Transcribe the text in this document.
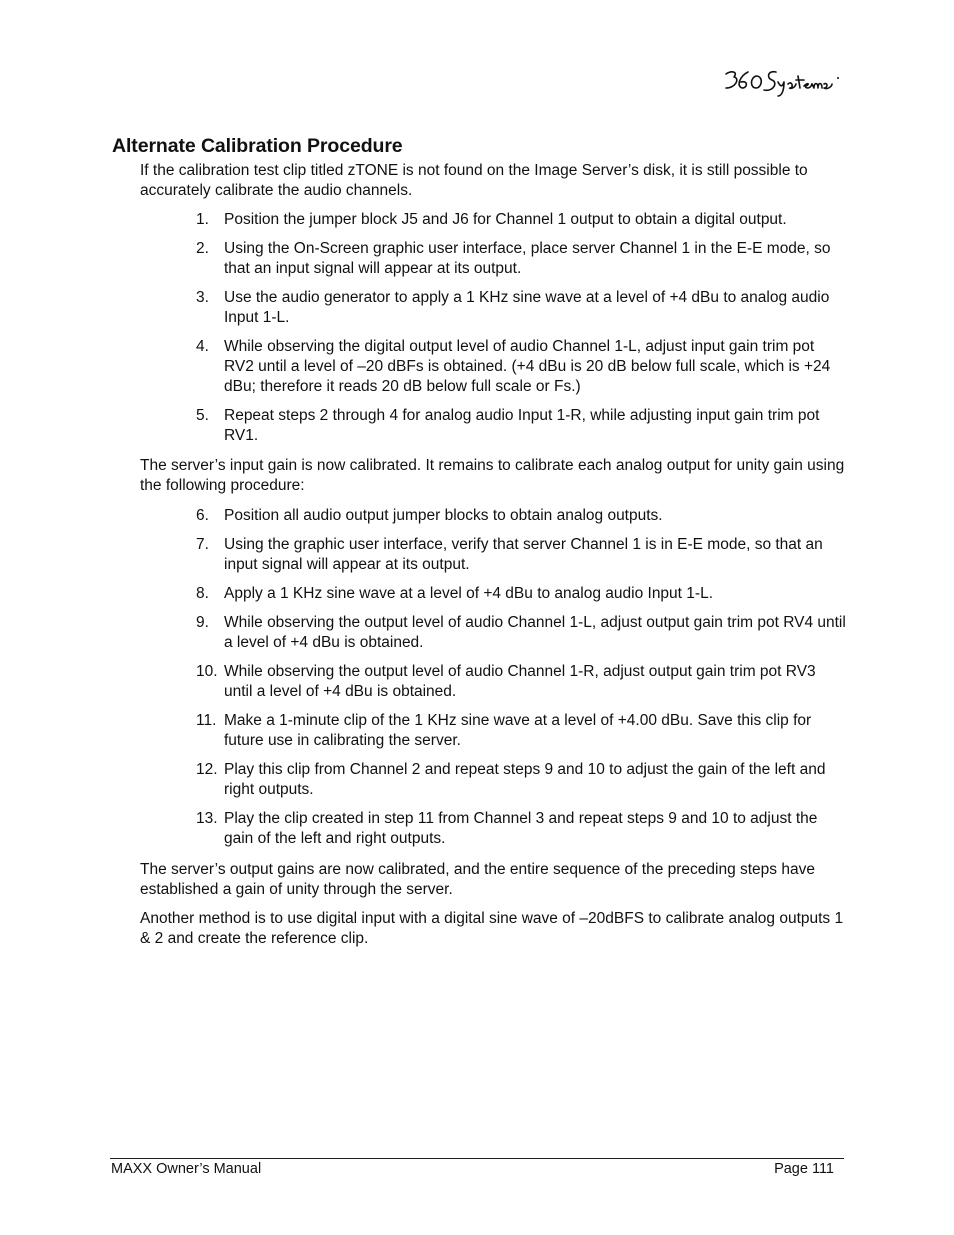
Alternate Calibration Procedure

If the calibration test clip titled zTONE is not found on the Image Server’s disk, it is still possible to accurately calibrate the audio channels.

1. Position the jumper block J5 and J6 for Channel 1 output to obtain a digital output.
2. Using the On-Screen graphic user interface, place server Channel 1 in the E-E mode, so that an input signal will appear at its output.
3. Use the audio generator to apply a 1 KHz sine wave at a level of +4 dBu to analog audio Input 1-L.
4. While observing the digital output level of audio Channel 1-L, adjust input gain trim pot RV2 until a level of –20 dBFs is obtained. (+4 dBu is 20 dB below full scale, which is +24 dBu; therefore it reads 20 dB below full scale or Fs.)
5. Repeat steps 2 through 4 for analog audio Input 1-R, while adjusting input gain trim pot RV1.

The server’s input gain is now calibrated. It remains to calibrate each analog output for unity gain using the following procedure:

6. Position all audio output jumper blocks to obtain analog outputs.
7. Using the graphic user interface, verify that server Channel 1 is in E-E mode, so that an input signal will appear at its output.
8. Apply a 1 KHz sine wave at a level of +4 dBu to analog audio Input 1-L.
9. While observing the output level of audio Channel 1-L, adjust output gain trim pot RV4 until a level of +4 dBu is obtained.
10. While observing the output level of audio Channel 1-R, adjust output gain trim pot RV3 until a level of +4 dBu is obtained.
11. Make a 1-minute clip of the 1 KHz sine wave at a level of +4.00 dBu. Save this clip for future use in calibrating the server.
12. Play this clip from Channel 2 and repeat steps 9 and 10 to adjust the gain of the left and right outputs.
13. Play the clip created in step 11 from Channel 3 and repeat steps 9 and 10 to adjust the gain of the left and right outputs.

The server’s output gains are now calibrated, and the entire sequence of the preceding steps have established a gain of unity through the server.

Another method is to use digital input with a digital sine wave of –20dBFS to calibrate analog outputs 1 & 2 and create the reference clip.

MAXX Owner’s Manual	Page 111
